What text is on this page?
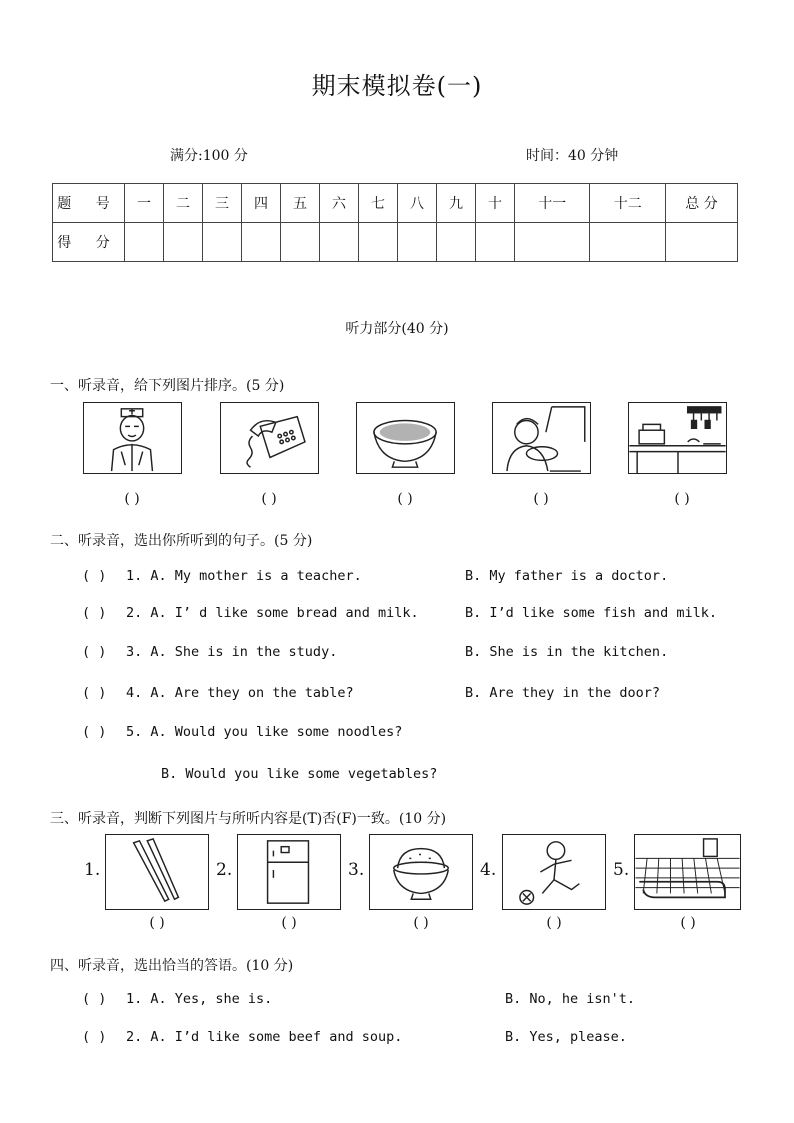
期末模拟卷(一)
满分:100 分	时间：40 分钟
题 号	一	二	三	四	五	六	七	八	九	十	十一	十二	总 分
得 分													
听力部分(40 分)
一、听录音，给下列图片排序。(5 分)
( )	( )	( )	( )	( )
二、听录音，选出你所听到的句子。(5 分)
( ) 1. A. My mother is a teacher.	B. My father is a doctor.
( ) 2. A. I’ d like some bread and milk.	B. I’d like some fish and milk.
( ) 3. A. She is in the study.	B. She is in the kitchen.
( ) 4. A. Are they on the table?	B. Are they in the door?
( ) 5. A. Would you like some noodles?
B. Would you like some vegetables?
三、听录音，判断下列图片与所听内容是(T)否(F)一致。(10 分)
1.	2.	3.	4.	5.
( )	( )	( )	( )	( )
四、听录音，选出恰当的答语。(10 分)
( ) 1. A. Yes, she is.	B. No, he isn't.
( ) 2. A. I’d like some beef and soup.	B. Yes, please.
